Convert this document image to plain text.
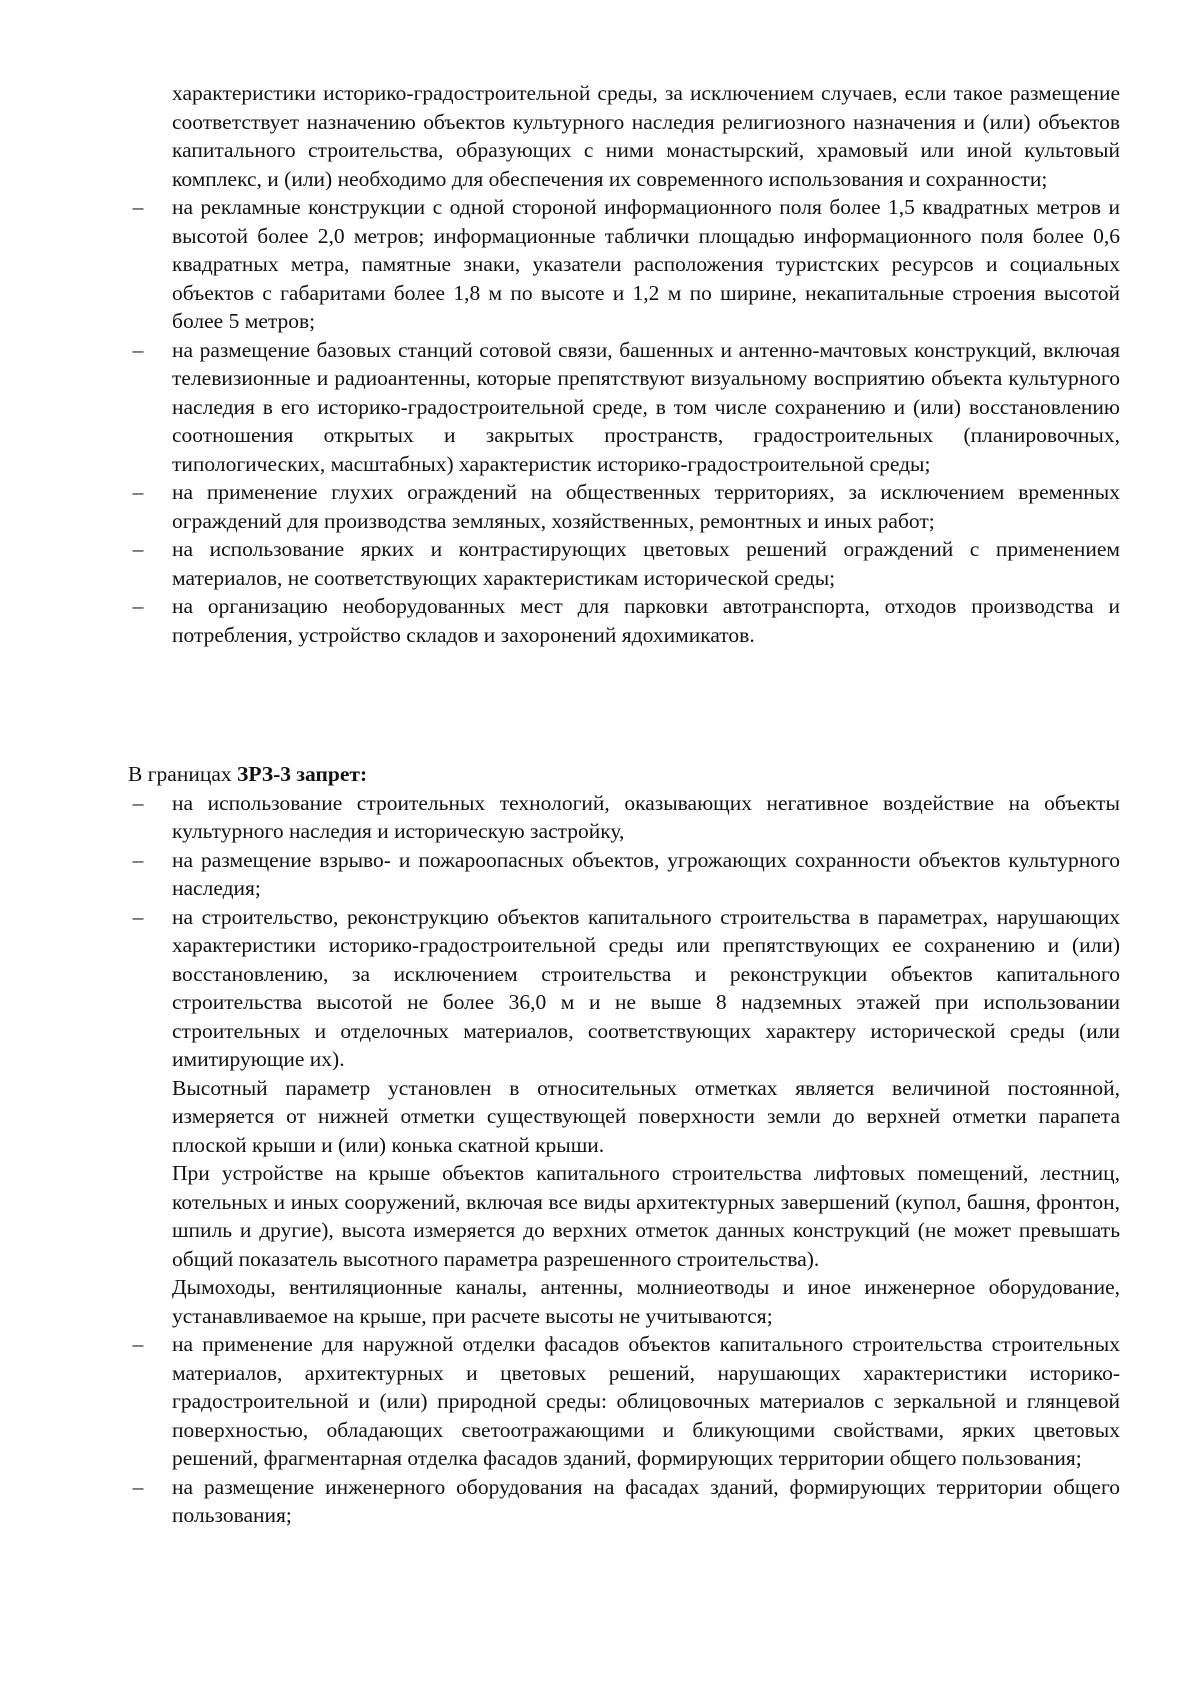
характеристики историко-градостроительной среды, за исключением случаев, если такое размещение соответствует назначению объектов культурного наследия религиозного назначения и (или) объектов капитального строительства, образующих с ними монастырский, храмовый или иной культовый комплекс, и (или) необходимо для обеспечения их современного использования и сохранности;

– на рекламные конструкции с одной стороной информационного поля более 1,5 квадратных метров и высотой более 2,0 метров; информационные таблички площадью информационного поля более 0,6 квадратных метра, памятные знаки, указатели расположения туристских ресурсов и социальных объектов с габаритами более 1,8 м по высоте и 1,2 м по ширине, некапитальные строения высотой более 5 метров;
– на размещение базовых станций сотовой связи, башенных и антенно-мачтовых конструкций, включая телевизионные и радиоантенны, которые препятствуют визуальному восприятию объекта культурного наследия в его историко-градостроительной среде, в том числе сохранению и (или) восстановлению соотношения открытых и закрытых пространств, градостроительных (планировочных, типологических, масштабных) характеристик историко-градостроительной среды;
– на применение глухих ограждений на общественных территориях, за исключением временных ограждений для производства земляных, хозяйственных, ремонтных и иных работ;
– на использование ярких и контрастирующих цветовых решений ограждений с применением материалов, не соответствующих характеристикам исторической среды;
– на организацию необорудованных мест для парковки автотранспорта, отходов производства и потребления, устройство складов и захоронений ядохимикатов.

В границах ЗРЗ-3 запрет:

– на использование строительных технологий, оказывающих негативное воздействие на объекты культурного наследия и историческую застройку,
– на размещение взрыво- и пожароопасных объектов, угрожающих сохранности объектов культурного наследия;
– на строительство, реконструкцию объектов капитального строительства в параметрах, нарушающих характеристики историко-градостроительной среды или препятствующих ее сохранению и (или) восстановлению, за исключением строительства и реконструкции объектов капитального строительства высотой не более 36,0 м и не выше 8 надземных этажей при использовании строительных и отделочных материалов, соответствующих характеру исторической среды (или имитирующие их).

Высотный параметр установлен в относительных отметках является величиной постоянной, измеряется от нижней отметки существующей поверхности земли до верхней отметки парапета плоской крыши и (или) конька скатной крыши.

При устройстве на крыше объектов капитального строительства лифтовых помещений, лестниц, котельных и иных сооружений, включая все виды архитектурных завершений (купол, башня, фронтон, шпиль и другие), высота измеряется до верхних отметок данных конструкций (не может превышать общий показатель высотного параметра разрешенного строительства).

Дымоходы, вентиляционные каналы, антенны, молниеотводы и иное инженерное оборудование, устанавливаемое на крыше, при расчете высоты не учитываются;

– на применение для наружной отделки фасадов объектов капитального строительства строительных материалов, архитектурных и цветовых решений, нарушающих характеристики историко-градостроительной и (или) природной среды: облицовочных материалов с зеркальной и глянцевой поверхностью, обладающих светоотражающими и бликующими свойствами, ярких цветовых решений, фрагментарная отделка фасадов зданий, формирующих территории общего пользования;
– на размещение инженерного оборудования на фасадах зданий, формирующих территории общего пользования;
